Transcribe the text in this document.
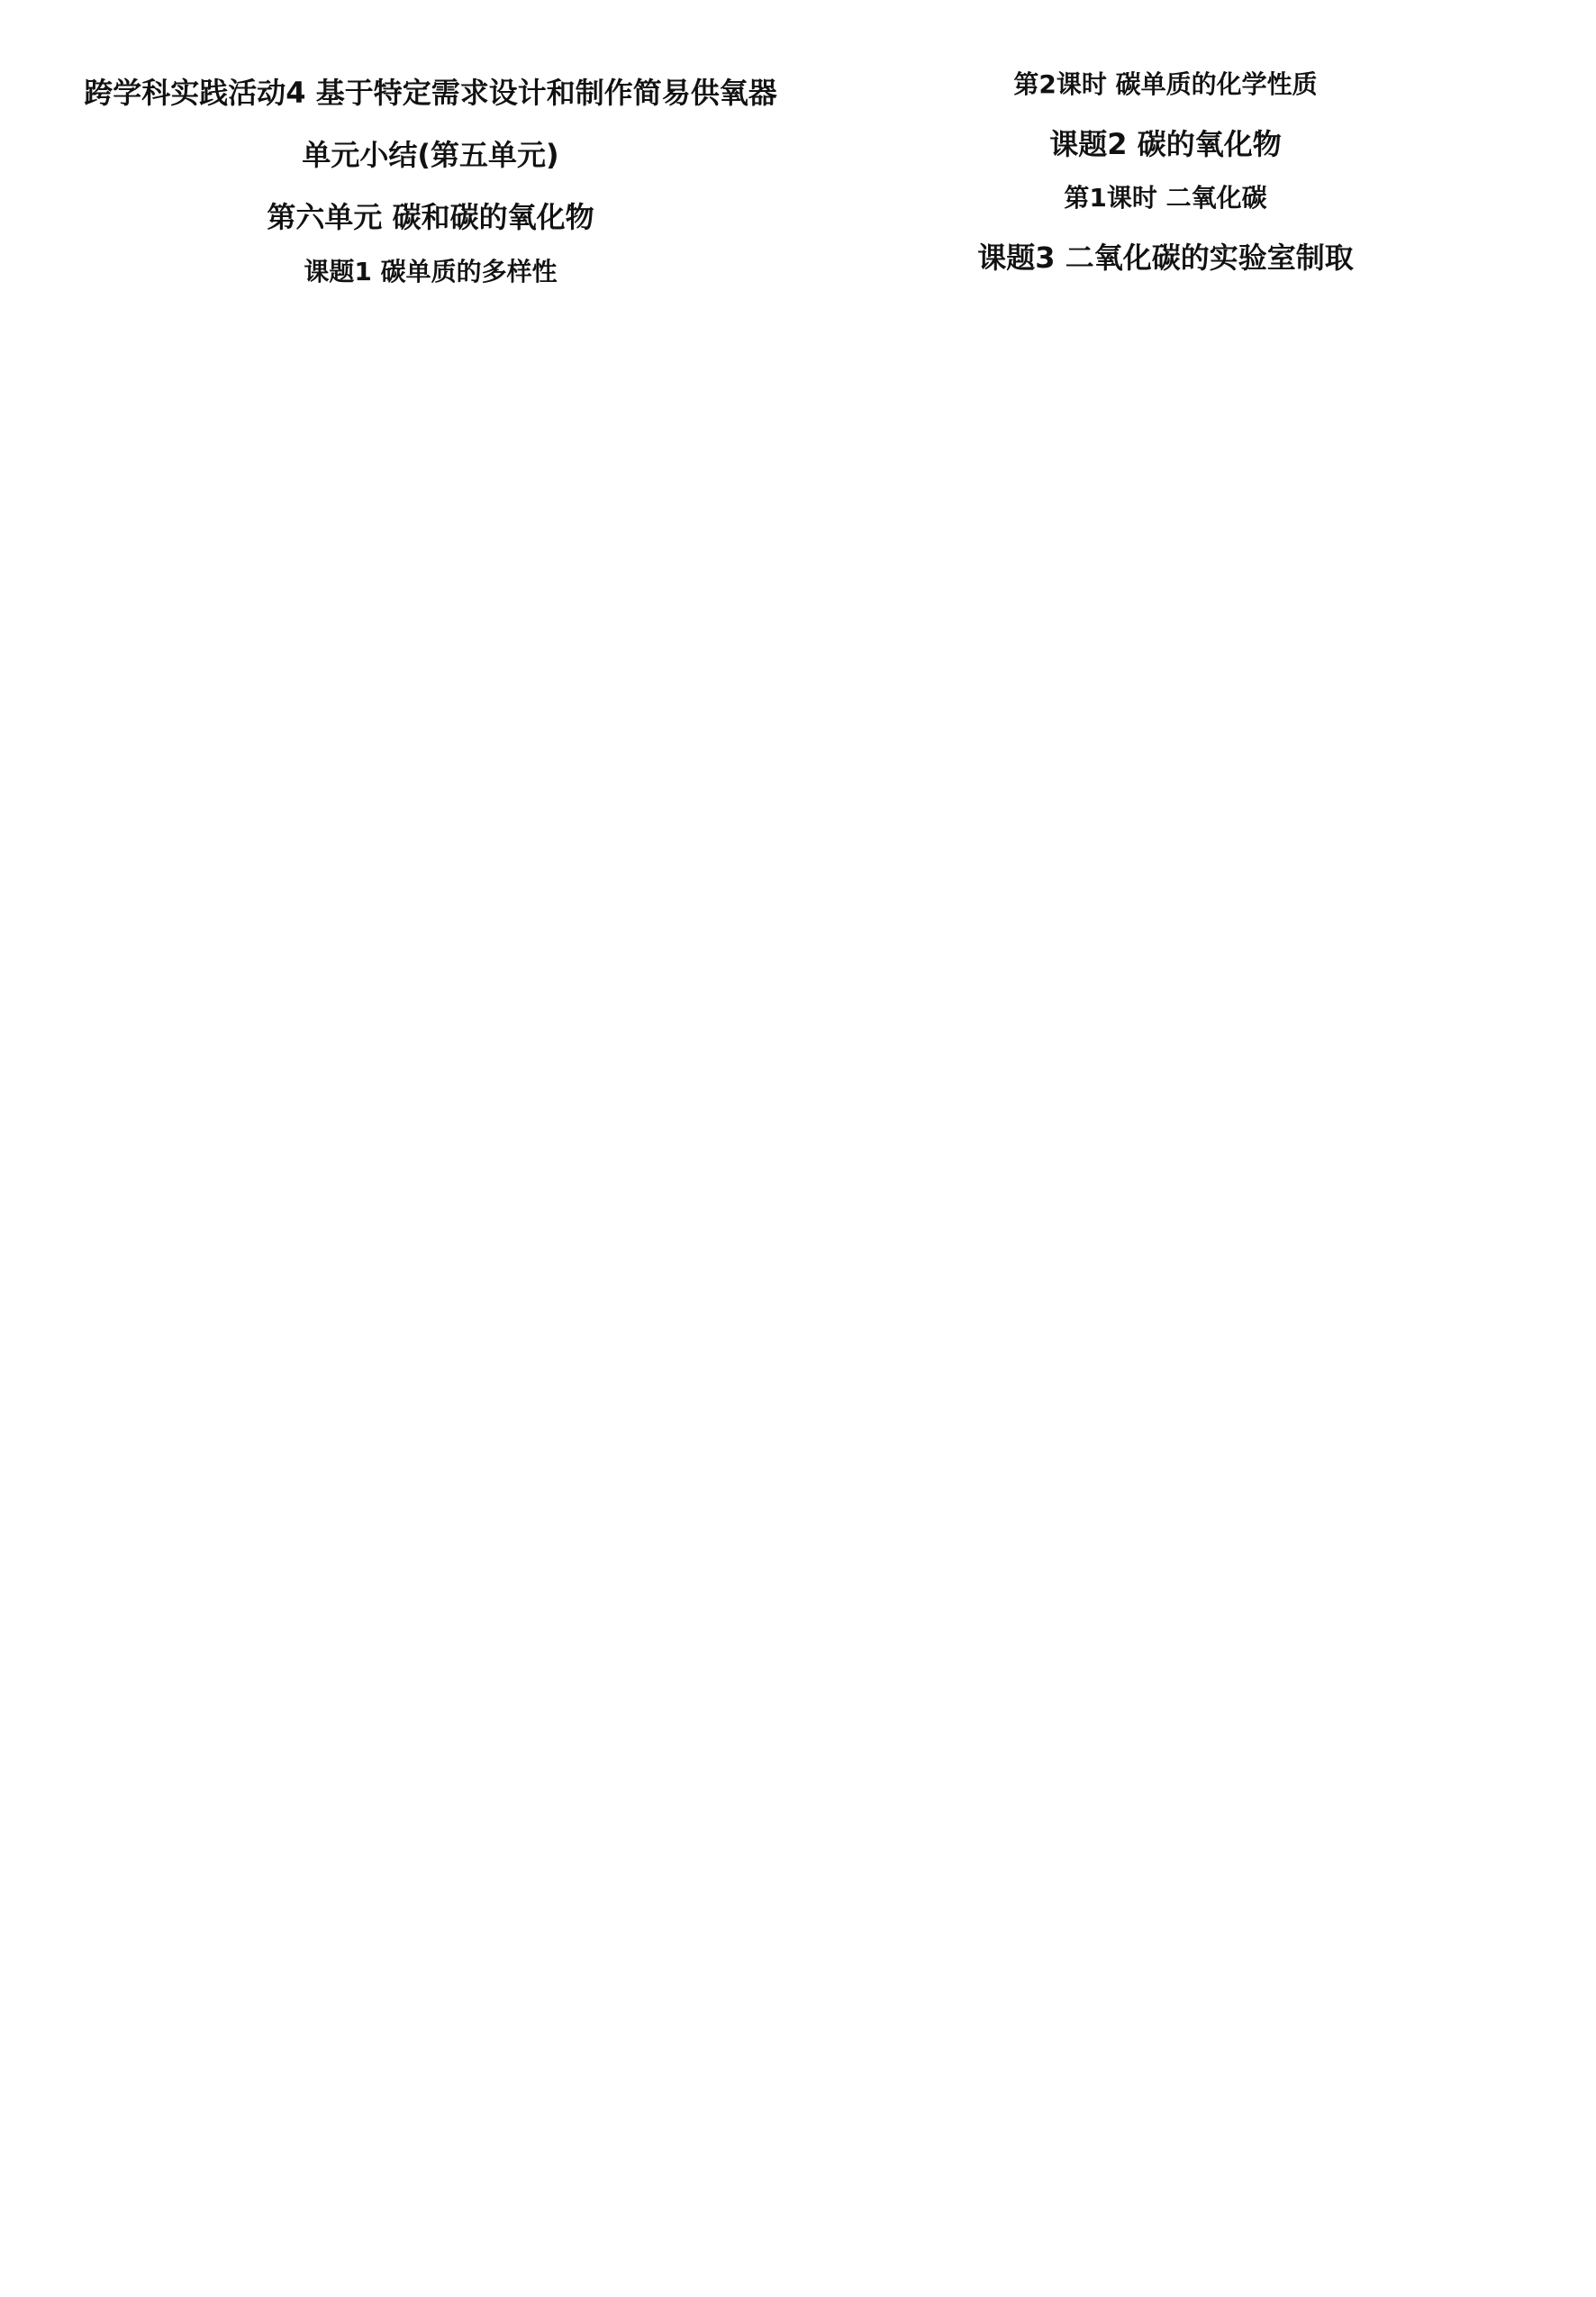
跨学科实践活动4 基于特定需求设计和制作简易供氧器
单元小结(第五单元)
第六单元 碳和碳的氧化物
课题1 碳单质的多样性
第2课时 碳单质的化学性质
课题2 碳的氧化物
第1课时 二氧化碳
课题3 二氧化碳的实验室制取
